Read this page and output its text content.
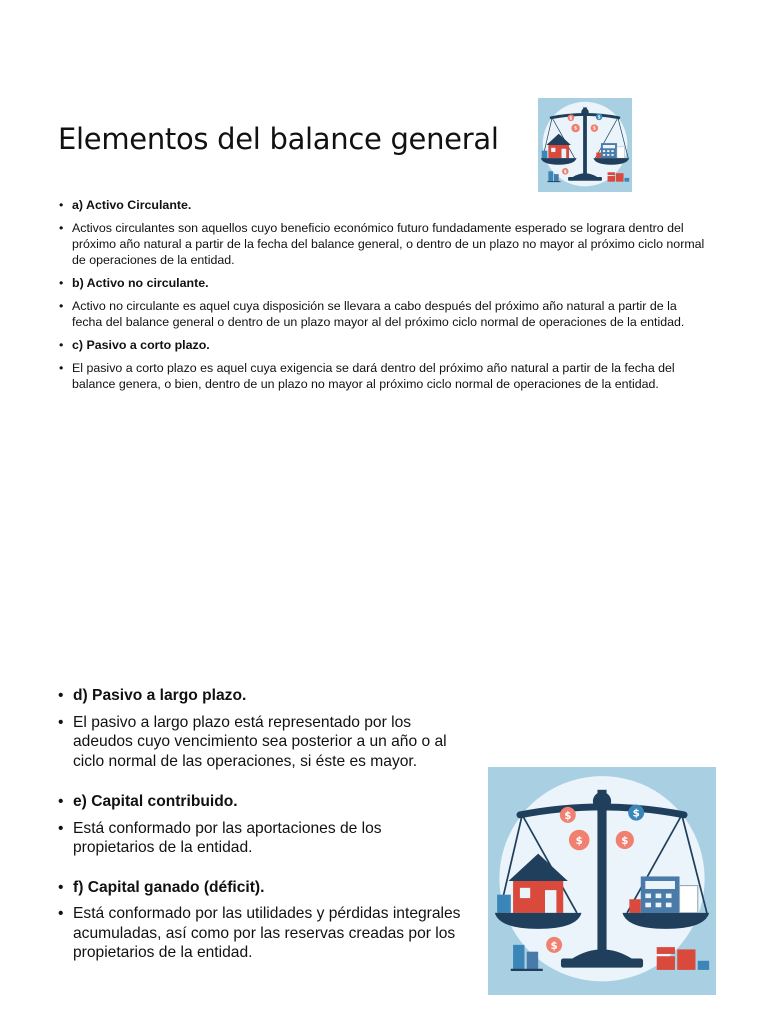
Elementos del balance general
• a) Activo Circulante.
• Activos circulantes son aquellos cuyo beneficio económico futuro fundadamente esperado se lograra dentro del próximo año natural a partir de la fecha del balance general, o dentro de un plazo no mayor al próximo ciclo normal de operaciones de la entidad.
• b) Activo no circulante.
• Activo no circulante es aquel cuya disposición se llevara a cabo después del próximo año natural a partir de la fecha del balance general o dentro de un plazo mayor al del próximo ciclo normal de operaciones de la entidad.
• c) Pasivo a corto plazo.
• El pasivo a corto plazo es aquel cuya exigencia se dará dentro del próximo año natural a partir de la fecha del balance genera, o bien, dentro de un plazo no mayor al próximo ciclo normal de operaciones de la entidad.
• d) Pasivo a largo plazo.
• El pasivo a largo plazo está representado por los adeudos cuyo vencimiento sea posterior a un año o al ciclo normal de las operaciones, si éste es mayor.
• e) Capital contribuido.
• Está conformado por las aportaciones de los propietarios de la entidad.
• f) Capital ganado (déficit).
• Está conformado por las utilidades y pérdidas integrales acumuladas, así como por las reservas creadas por los propietarios de la entidad.
